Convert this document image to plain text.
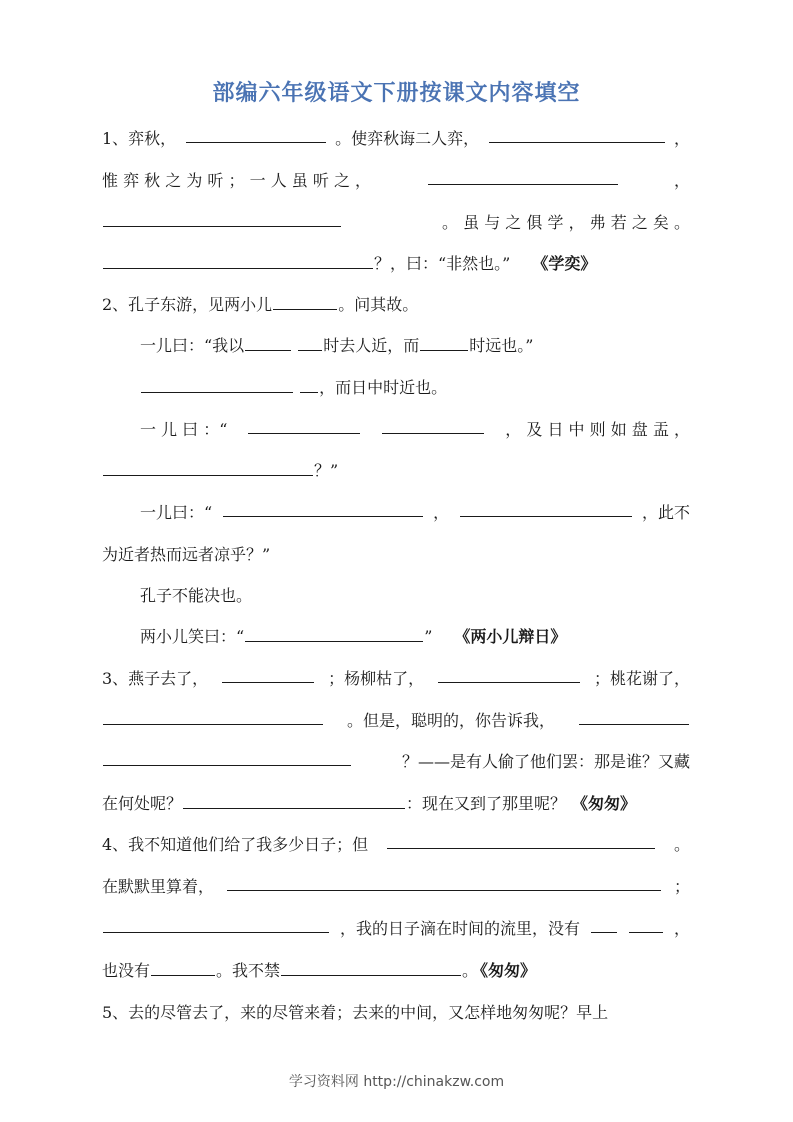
部编六年级语文下册按课文内容填空
1、弈秋，	。使弈秋诲二人弈，	，
惟 弈 秋 之 为 听 ； 一 人 虽 听 之 ，	，
。 虽 与 之 俱 学 ， 弗 若 之 矣 。
？，曰：“非然也。” 《学奕》
2、孔子东游，见两小儿	。问其故。
一儿曰：“我以	时去人近，而	时远也。”
，而日中时近也。
一 儿 曰 ：“	， 及 日 中 则 如 盘 盂 ，
？”
一儿曰：“	，	，此不
为近者热而远者凉乎？”
孔子不能决也。
两小儿笑曰：“	” 《两小儿辩日》
3、燕子去了，	；杨柳枯了，	；桃花谢了，
。但是，聪明的，你告诉我，
？——是有人偷了他们罢：那是谁？又藏
在何处呢？	：现在又到了那里呢？ 《匆匆》
4、我不知道他们给了我多少日子；但	。
在默默里算着，	；
，我的日子滴在时间的流里，没有	，
也没有	。我不禁	。 《匆匆》
5、去的尽管去了，来的尽管来着；去来的中间，又怎样地匆匆呢？早上
学习资料网 http://chinakzw.com
